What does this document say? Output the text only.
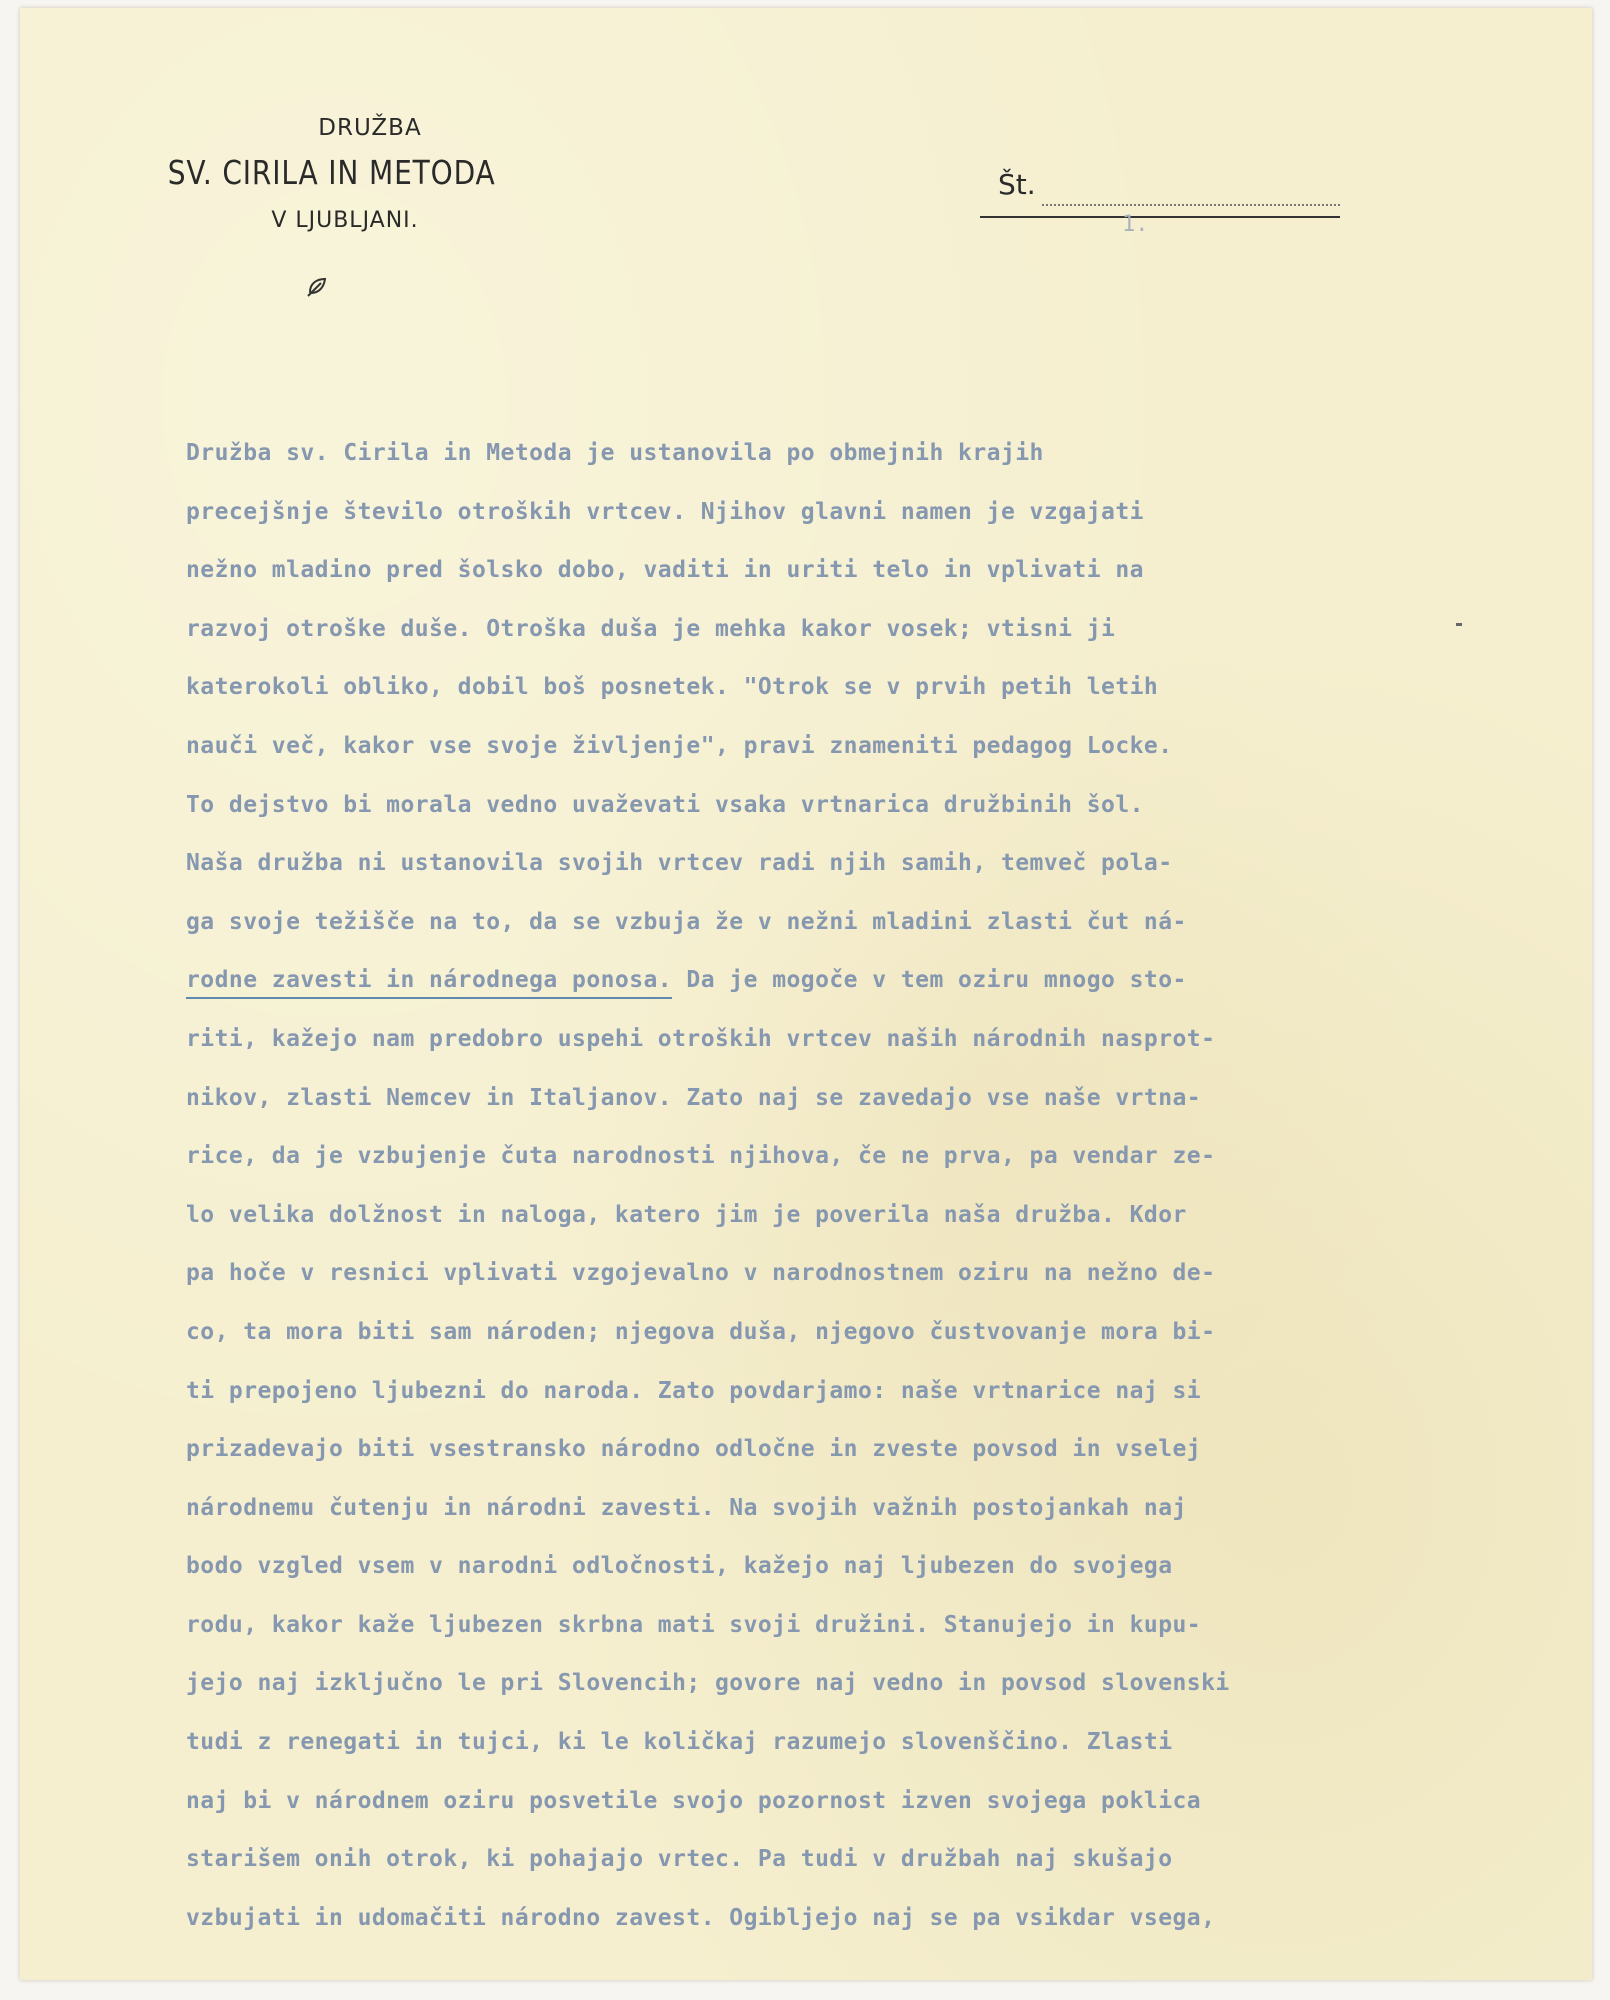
DRUŽBA
SV. CIRILA IN METODA
V LJUBLJANI.
Št.
1.
Družba sv. Cirila in Metoda je ustanovila po obmejnih krajih
precejšnje število otroških vrtcev. Njihov glavni namen je vzgajati
nežno mladino pred šolsko dobo, vaditi in uriti telo in vplivati na
razvoj otroške duše. Otroška duša je mehka kakor vosek; vtisni ji
katerokoli obliko, dobil boš posnetek. "Otrok se v prvih petih letih
nauči več, kakor vse svoje življenje", pravi znameniti pedagog Locke.
To dejstvo bi morala vedno uvaževati vsaka vrtnarica družbinih šol.
Naša družba ni ustanovila svojih vrtcev radi njih samih, temveč pola-
ga svoje težišče na to, da se vzbuja že v nežni mladini zlasti čut ná-
rodne zavesti in národnega ponosa. Da je mogoče v tem oziru mnogo sto-
riti, kažejo nam predobro uspehi otroških vrtcev naših národnih nasprot-
nikov, zlasti Nemcev in Italjanov. Zato naj se zavedajo vse naše vrtna-
rice, da je vzbujenje čuta narodnosti njihova, če ne prva, pa vendar ze-
lo velika dolžnost in naloga, katero jim je poverila naša družba. Kdor
pa hoče v resnici vplivati vzgojevalno v narodnostnem oziru na nežno de-
co, ta mora biti sam národen; njegova duša, njegovo čustvovanje mora bi-
ti prepojeno ljubezni do naroda. Zato povdarjamo: naše vrtnarice naj si
prizadevajo biti vsestransko národno odločne in zveste povsod in vselej
národnemu čutenju in národni zavesti. Na svojih važnih postojankah naj
bodo vzgled vsem v narodni odločnosti, kažejo naj ljubezen do svojega
rodu, kakor kaže ljubezen skrbna mati svoji družini. Stanujejo in kupu-
jejo naj izključno le pri Slovencih; govore naj vedno in povsod slovenski
tudi z renegati in tujci, ki le količkaj razumejo slovenščino. Zlasti
naj bi v národnem oziru posvetile svojo pozornost izven svojega poklica
starišem onih otrok, ki pohajajo vrtec. Pa tudi v družbah naj skušajo
vzbujati in udomačiti národno zavest. Ogibljejo naj se pa vsikdar vsega,
